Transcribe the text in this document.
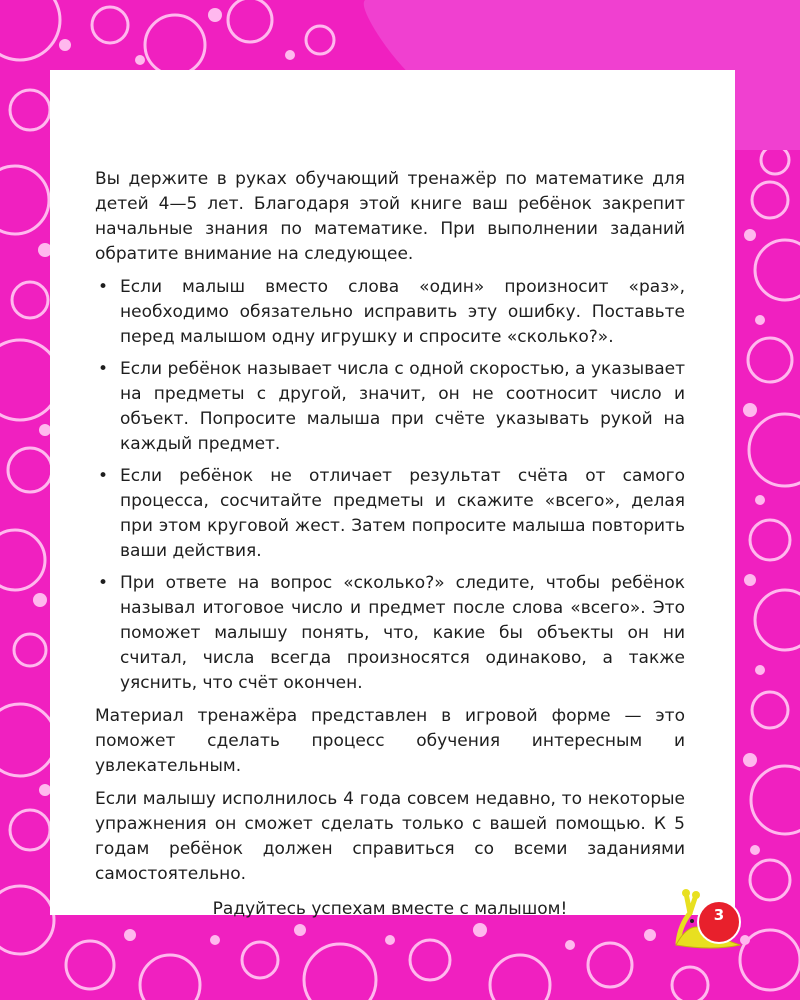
Вы держите в руках обучающий тренажёр по математике для детей 4—5 лет. Благодаря этой книге ваш ребёнок закрепит начальные знания по математике. При выполнении заданий обратите внимание на следующее.

• Если малыш вместо слова «один» произносит «раз», необходимо обязательно исправить эту ошибку. Поставьте перед малышом одну игрушку и спросите «сколько?».
• Если ребёнок называет числа с одной скоростью, а указывает на предметы с другой, значит, он не соотносит число и объект. Попросите малыша при счёте указывать рукой на каждый предмет.
• Если ребёнок не отличает результат счёта от самого процесса, сосчитайте предметы и скажите «всего», делая при этом круговой жест. Затем попросите малыша повторить ваши действия.
• При ответе на вопрос «сколько?» следите, чтобы ребёнок называл итоговое число и предмет после слова «всего». Это поможет малышу понять, что, какие бы объекты он ни считал, числа всегда произносятся одинаково, а также уяснить, что счёт окончен.

Материал тренажёра представлен в игровой форме — это поможет сделать процесс обучения интересным и увлекательным.

Если малышу исполнилось 4 года совсем недавно, то некоторые упражнения он сможет сделать только с вашей помощью. К 5 годам ребёнок должен справиться со всеми заданиями самостоятельно.

Радуйтесь успехам вместе с малышом!	3
